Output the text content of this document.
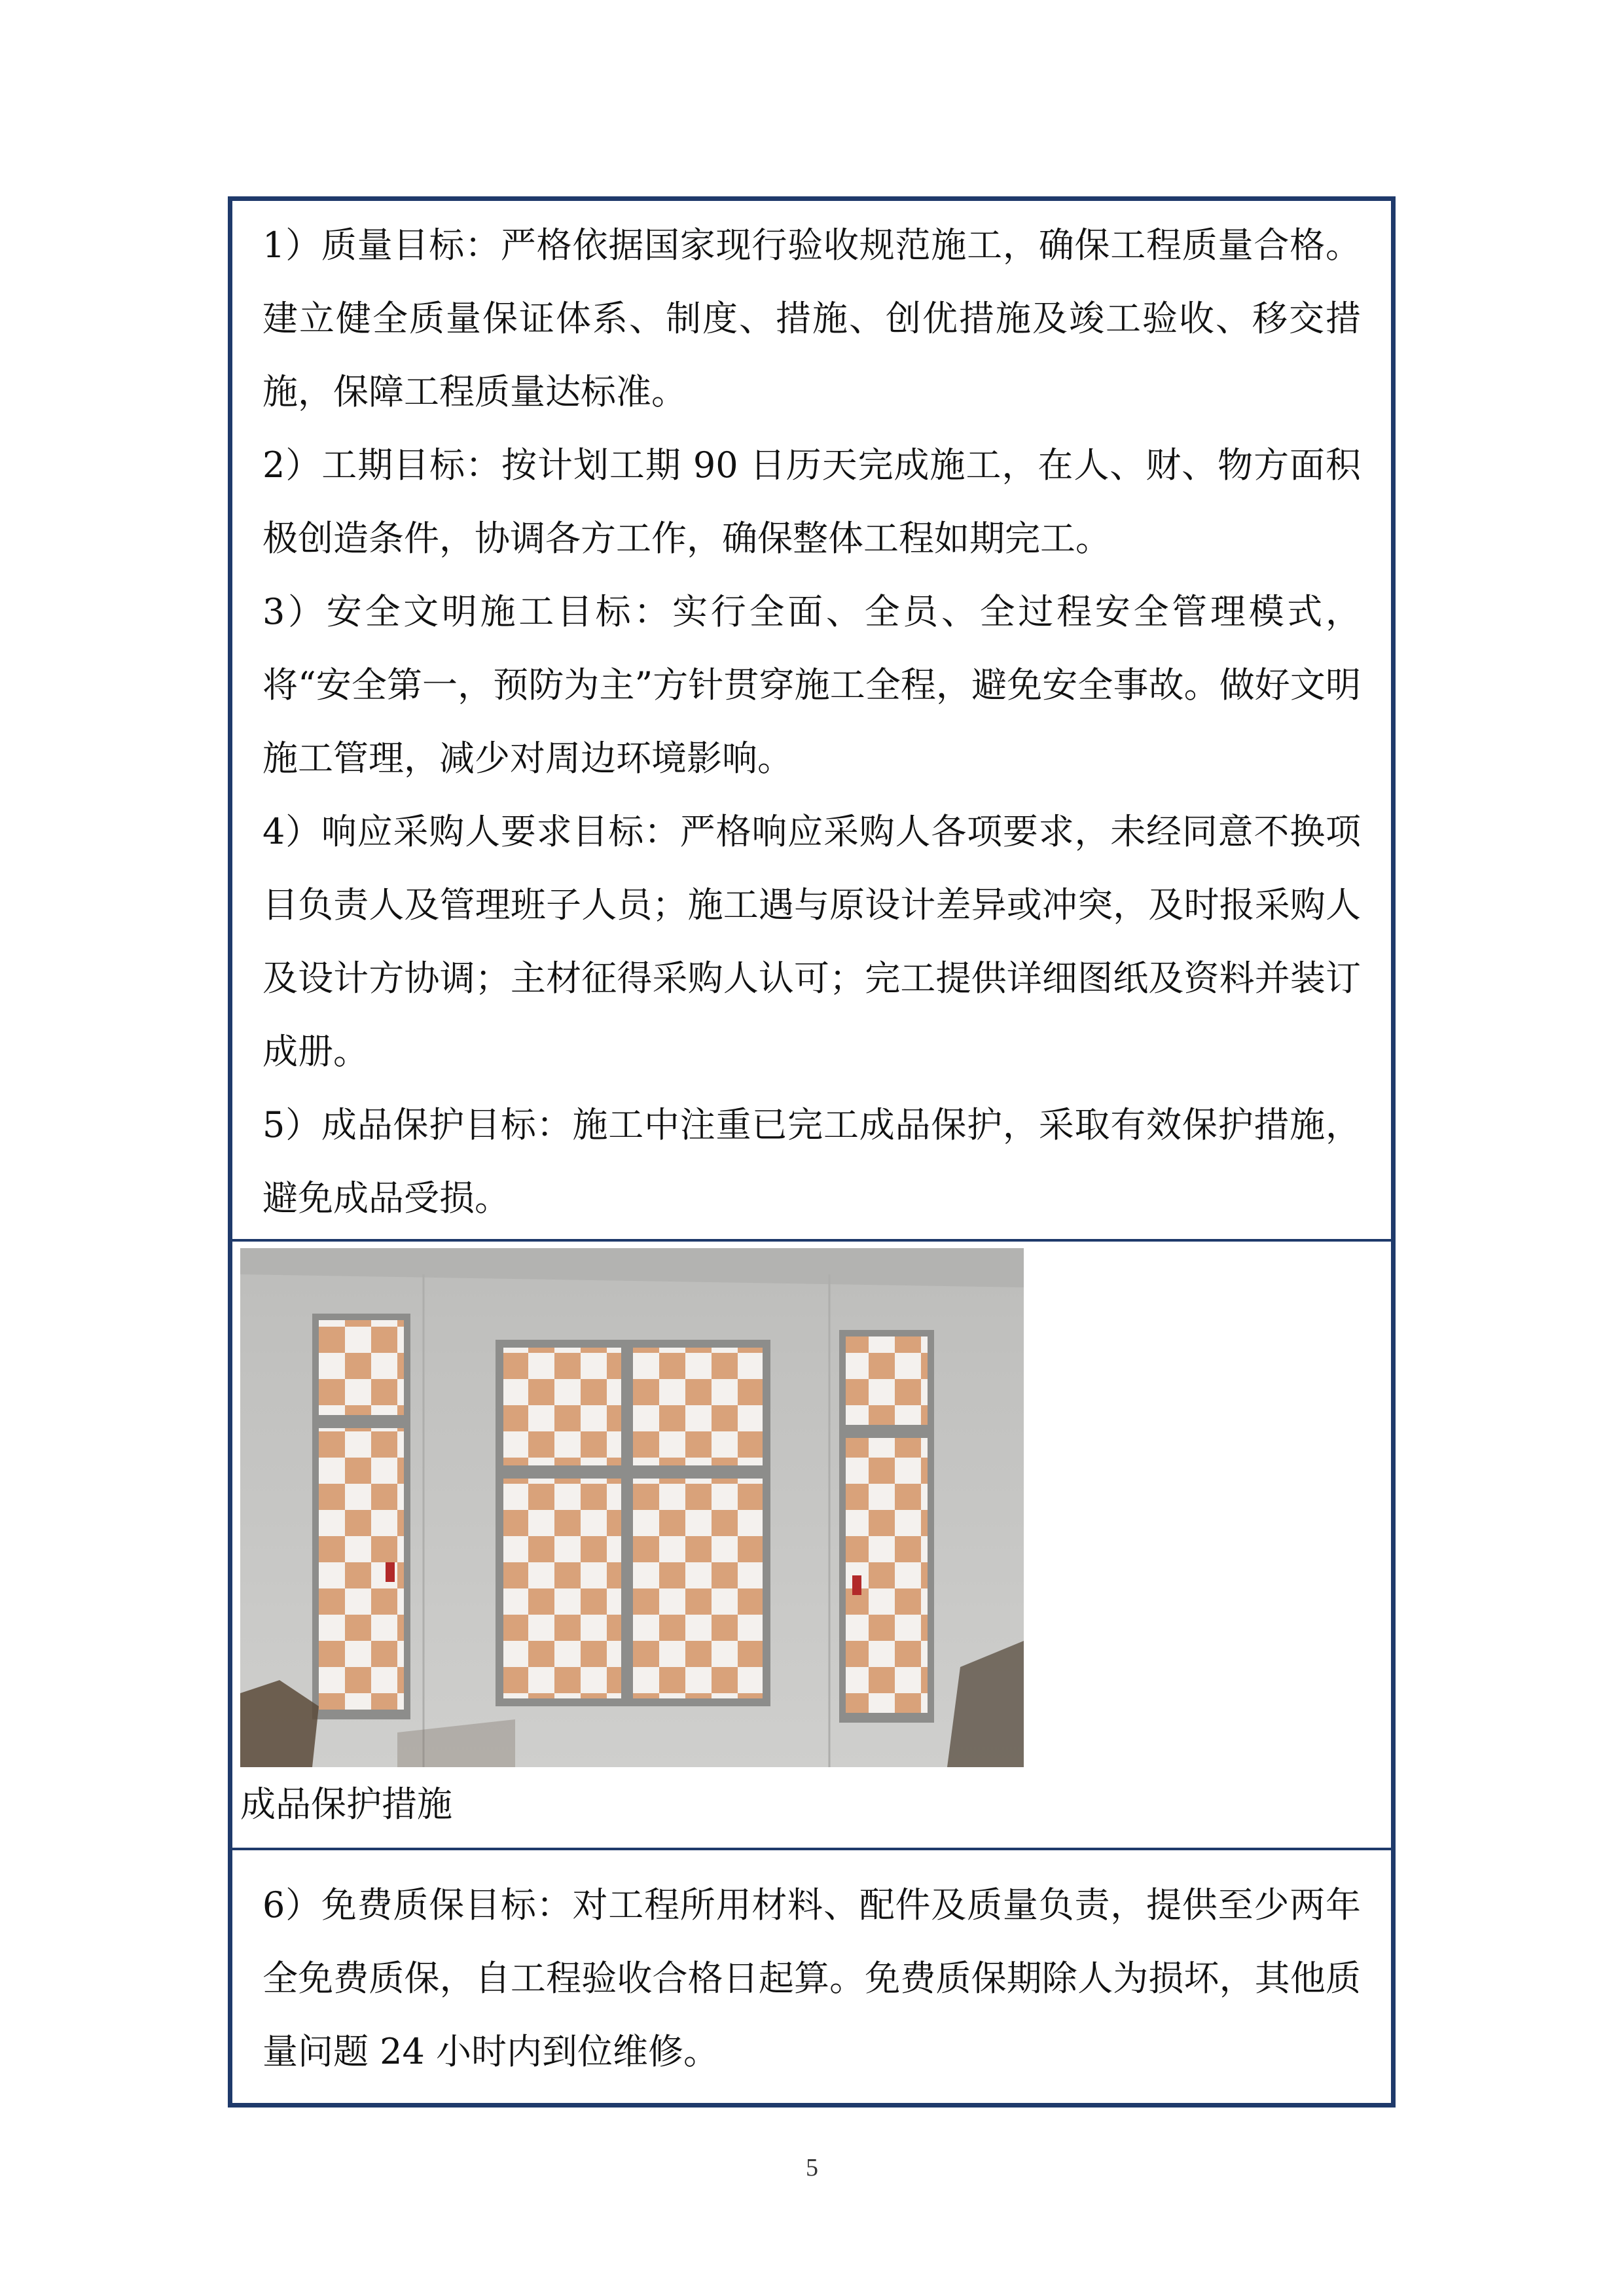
1）质量目标：严格依据国家现行验收规范施工，确保工程质量合格。建立健全质量保证体系、制度、措施、创优措施及竣工验收、移交措施，保障工程质量达标准。

2）工期目标：按计划工期 90 日历天完成施工，在人、财、物方面积极创造条件，协调各方工作，确保整体工程如期完工。

3）安全文明施工目标：实行全面、全员、全过程安全管理模式，将“安全第一，预防为主”方针贯穿施工全程，避免安全事故。做好文明施工管理，减少对周边环境影响。

4）响应采购人要求目标：严格响应采购人各项要求，未经同意不换项目负责人及管理班子人员；施工遇与原设计差异或冲突，及时报采购人及设计方协调；主材征得采购人认可；完工提供详细图纸及资料并装订成册。

5）成品保护目标：施工中注重已完工成品保护，采取有效保护措施，避免成品受损。

成品保护措施

6）免费质保目标：对工程所用材料、配件及质量负责，提供至少两年全免费质保，自工程验收合格日起算。免费质保期除人为损坏，其他质量问题 24 小时内到位维修。

5
